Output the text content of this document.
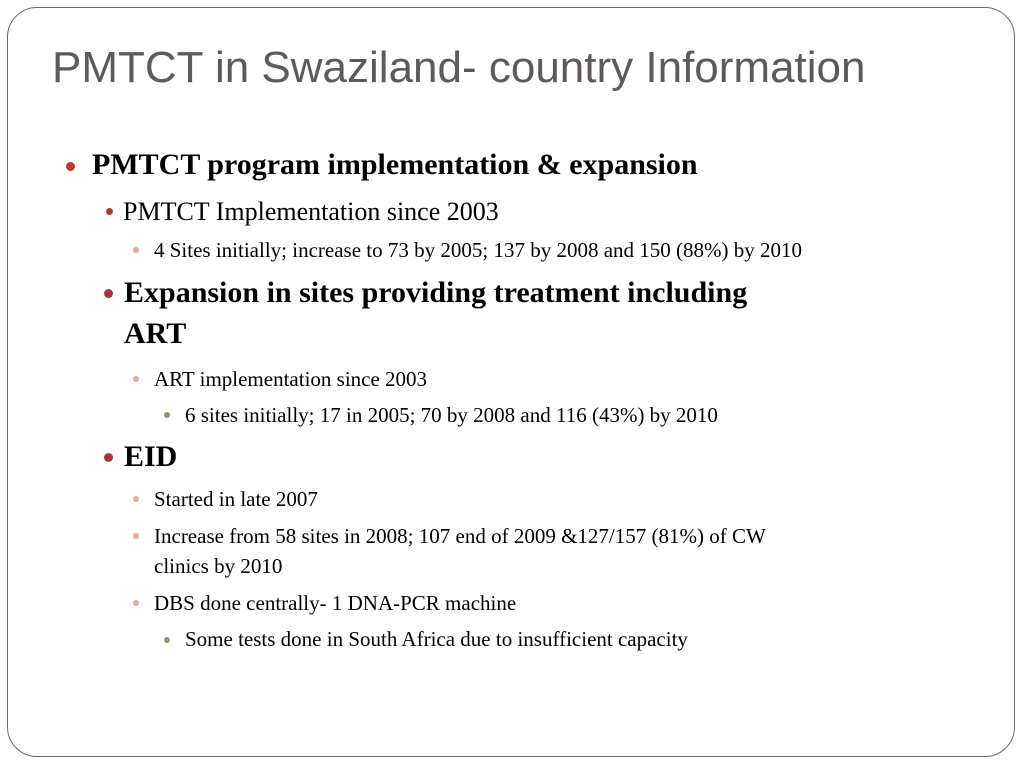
PMTCT in Swaziland- country Information
PMTCT program implementation & expansion
PMTCT Implementation since 2003
4 Sites initially; increase to 73 by 2005; 137 by 2008 and 150 (88%) by 2010
Expansion in sites providing treatment including
ART
ART implementation since 2003
6 sites initially; 17 in 2005; 70 by 2008 and 116 (43%) by 2010
EID
Started in late 2007
Increase from 58 sites in 2008; 107 end of 2009 &127/157 (81%) of CW
clinics by 2010
DBS done centrally- 1 DNA-PCR machine
Some tests done in South Africa due to insufficient capacity
